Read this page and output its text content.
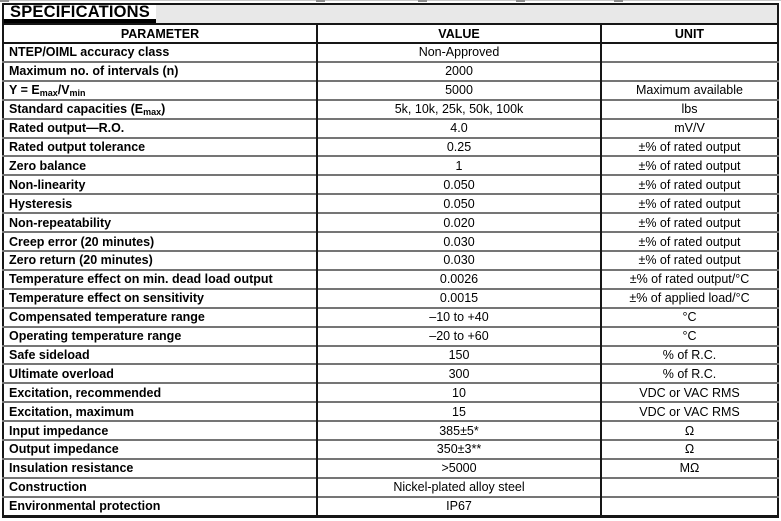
SPECIFICATIONS		

PARAMETER	VALUE	UNIT
NTEP/OIML accuracy class	Non-Approved	
Maximum no. of intervals (n)	2000	
$Y = E_{max}/V_{min}$	5000	Maximum available
Standard capacities $(E_{max})$	5k, 10k, 25k, 50k, 100k	lbs
Rated output—R.O.	4.0	mV/V
Rated output tolerance	0.25	±% of rated output
Zero balance	1	±% of rated output
Non-linearity	0.050	±% of rated output
Hysteresis	0.050	±% of rated output
Non-repeatability	0.020	±% of rated output
Creep error (20 minutes)	0.030	±% of rated output
Zero return (20 minutes)	0.030	±% of rated output
Temperature effect on min. dead load output	0.0026	±% of rated output/°C
Temperature effect on sensitivity	0.0015	±% of applied load/°C
Compensated temperature range	–10 to +40	°C
Operating temperature range	–20 to +60	°C
Safe sideload	150	% of R.C.
Ultimate overload	300	% of R.C.
Excitation, recommended	10	VDC or VAC RMS
Excitation, maximum	15	VDC or VAC RMS
Input impedance	385±5*	Ω
Output impedance	350±3**	Ω
Insulation resistance	>5000	MΩ
Construction	Nickel-plated alloy steel	
Environmental protection	IP67	
